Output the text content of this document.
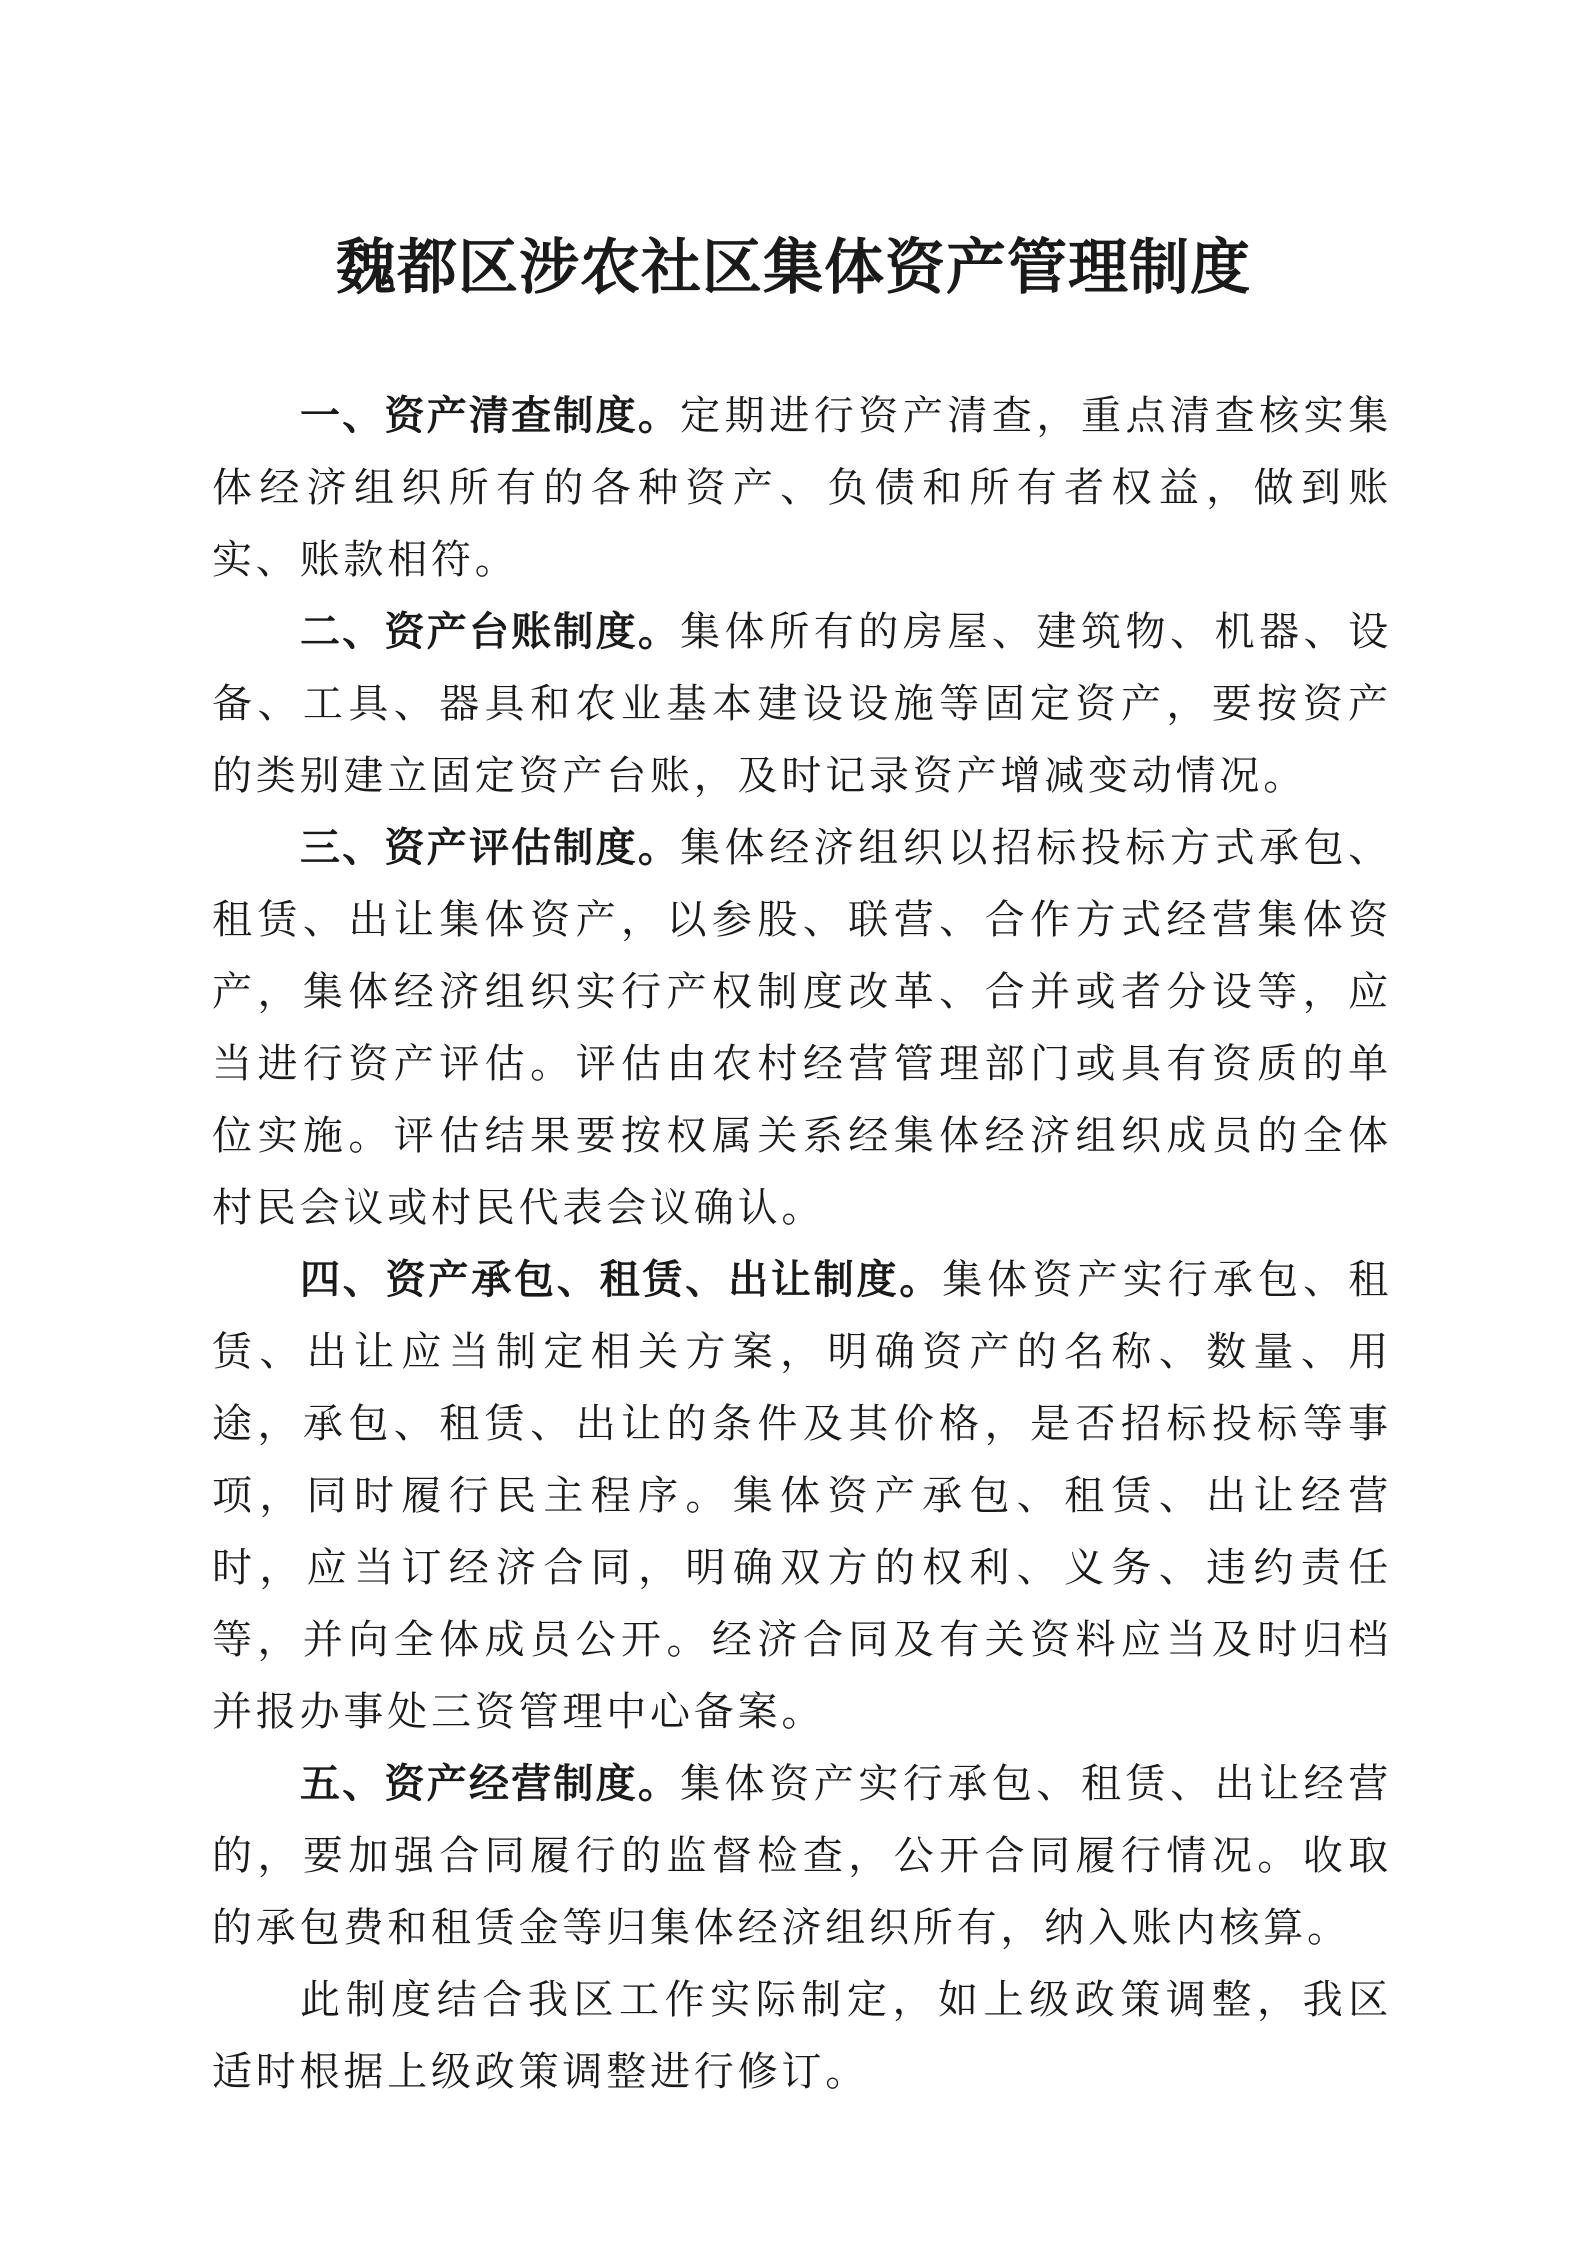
魏都区涉农社区集体资产管理制度

一、资产清查制度。定期进行资产清查，重点清查核实集体经济组织所有的各种资产、负债和所有者权益，做到账实、账款相符。

二、资产台账制度。集体所有的房屋、建筑物、机器、设备、工具、器具和农业基本建设设施等固定资产，要按资产的类别建立固定资产台账，及时记录资产增减变动情况。

三、资产评估制度。集体经济组织以招标投标方式承包、租赁、出让集体资产，以参股、联营、合作方式经营集体资产，集体经济组织实行产权制度改革、合并或者分设等，应当进行资产评估。评估由农村经营管理部门或具有资质的单位实施。评估结果要按权属关系经集体经济组织成员的全体村民会议或村民代表会议确认。

四、资产承包、租赁、出让制度。集体资产实行承包、租赁、出让应当制定相关方案，明确资产的名称、数量、用途，承包、租赁、出让的条件及其价格，是否招标投标等事项，同时履行民主程序。集体资产承包、租赁、出让经营时，应当订经济合同，明确双方的权利、义务、违约责任等，并向全体成员公开。经济合同及有关资料应当及时归档并报办事处三资管理中心备案。

五、资产经营制度。集体资产实行承包、租赁、出让经营的，要加强合同履行的监督检查，公开合同履行情况。收取的承包费和租赁金等归集体经济组织所有，纳入账内核算。

此制度结合我区工作实际制定，如上级政策调整，我区适时根据上级政策调整进行修订。
